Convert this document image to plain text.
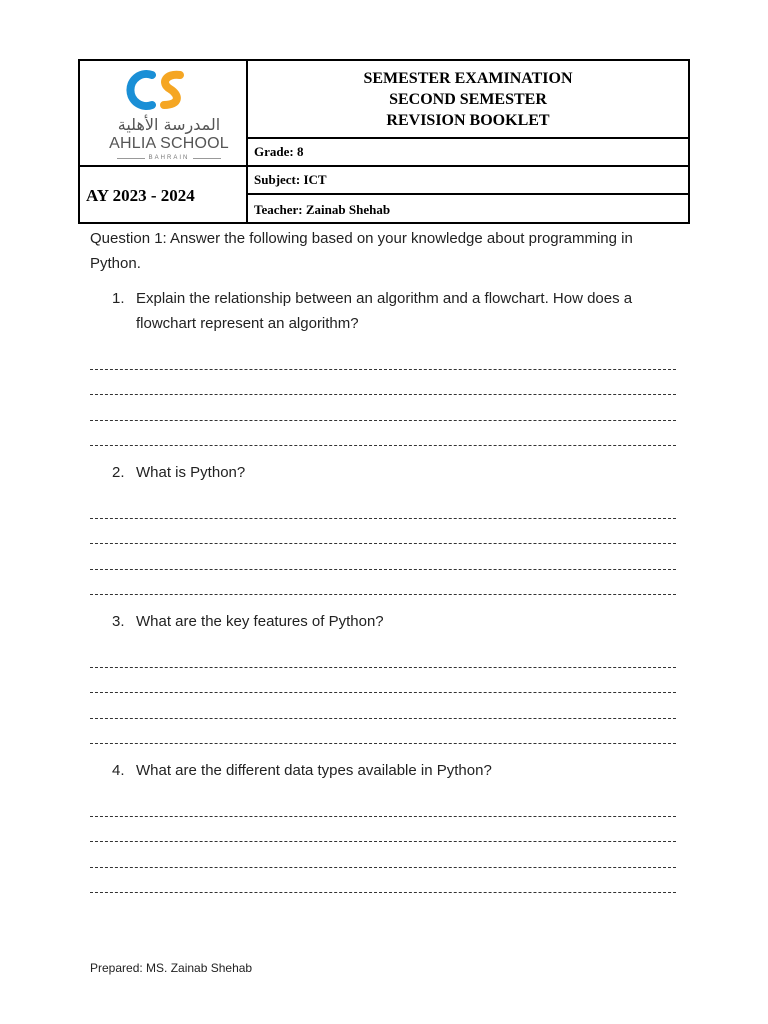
المدرسة الأهلية
AHLIA SCHOOL
BAHRAIN
SEMESTER EXAMINATION
SECOND SEMESTER
REVISION BOOKLET
Grade: 8
AY 2023 - 2024
Subject: ICT
Teacher: Zainab Shehab

Question 1: Answer the following based on your knowledge about programming in Python.

1. Explain the relationship between an algorithm and a flowchart. How does a flowchart represent an algorithm?
2. What is Python?
3. What are the key features of Python?
4. What are the different data types available in Python?
Prepared: MS. Zainab Shehab
